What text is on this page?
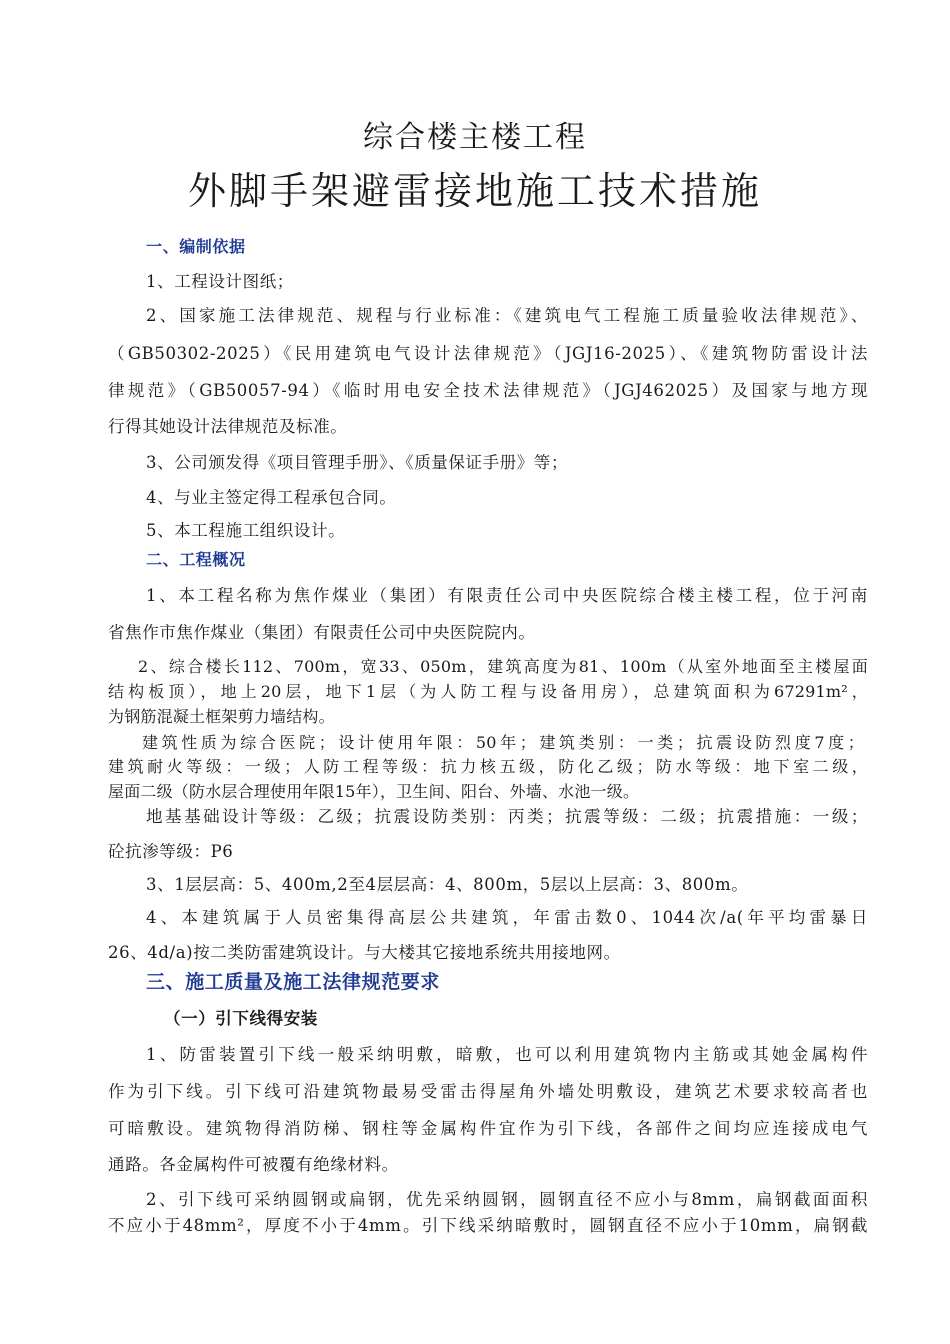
综合楼主楼工程
外脚手架避雷接地施工技术措施
一、编制依据
1、工程设计图纸；
2、国家施工法律规范、规程与行业标准：《建筑电气工程施工质量验收法律规范》、
（GB50302-2025）《民用建筑电气设计法律规范》（JGJ16-2025）、《建筑物防雷设计法
律规范》（GB50057-94）《临时用电安全技术法律规范》（JGJ462025）及国家与地方现
行得其她设计法律规范及标准。
3、公司颁发得《项目管理手册》、《质量保证手册》等；
4、与业主签定得工程承包合同。
5、本工程施工组织设计。
二、工程概况
1、本工程名称为焦作煤业（集团）有限责任公司中央医院综合楼主楼工程，位于河南
省焦作市焦作煤业（集团）有限责任公司中央医院院内。
2、综合楼长112、700m，宽33、050m，建筑高度为81、100m（从室外地面至主楼屋面
结构板顶），地上20层，地下1层（为人防工程与设备用房），总建筑面积为67291m²，
为钢筋混凝土框架剪力墙结构。
建筑性质为综合医院；设计使用年限：50年；建筑类别：一类；抗震设防烈度7度；
建筑耐火等级：一级；人防工程等级：抗力核五级，防化乙级；防水等级：地下室二级，
屋面二级（防水层合理使用年限15年），卫生间、阳台、外墙、水池一级。
地基基础设计等级：乙级；抗震设防类别：丙类；抗震等级：二级；抗震措施：一级；
砼抗渗等级：P6
3、1层层高：5、400m,2至4层层高：4、800m，5层以上层高：3、800m。
4、本建筑属于人员密集得高层公共建筑，年雷击数0、1044次/a(年平均雷暴日
26、4d/a)按二类防雷建筑设计。与大楼其它接地系统共用接地网。
三、施工质量及施工法律规范要求
（一）引下线得安装
1、防雷装置引下线一般采纳明敷，暗敷，也可以利用建筑物内主筋或其她金属构件
作为引下线。引下线可沿建筑物最易受雷击得屋角外墙处明敷设，建筑艺术要求较高者也
可暗敷设。建筑物得消防梯、钢柱等金属构件宜作为引下线，各部件之间均应连接成电气
通路。各金属构件可被覆有绝缘材料。
2、引下线可采纳圆钢或扁钢，优先采纳圆钢，圆钢直径不应小与8mm，扁钢截面面积
不应小于48mm²，厚度不小于4mm。引下线采纳暗敷时，圆钢直径不应小于10mm，扁钢截
